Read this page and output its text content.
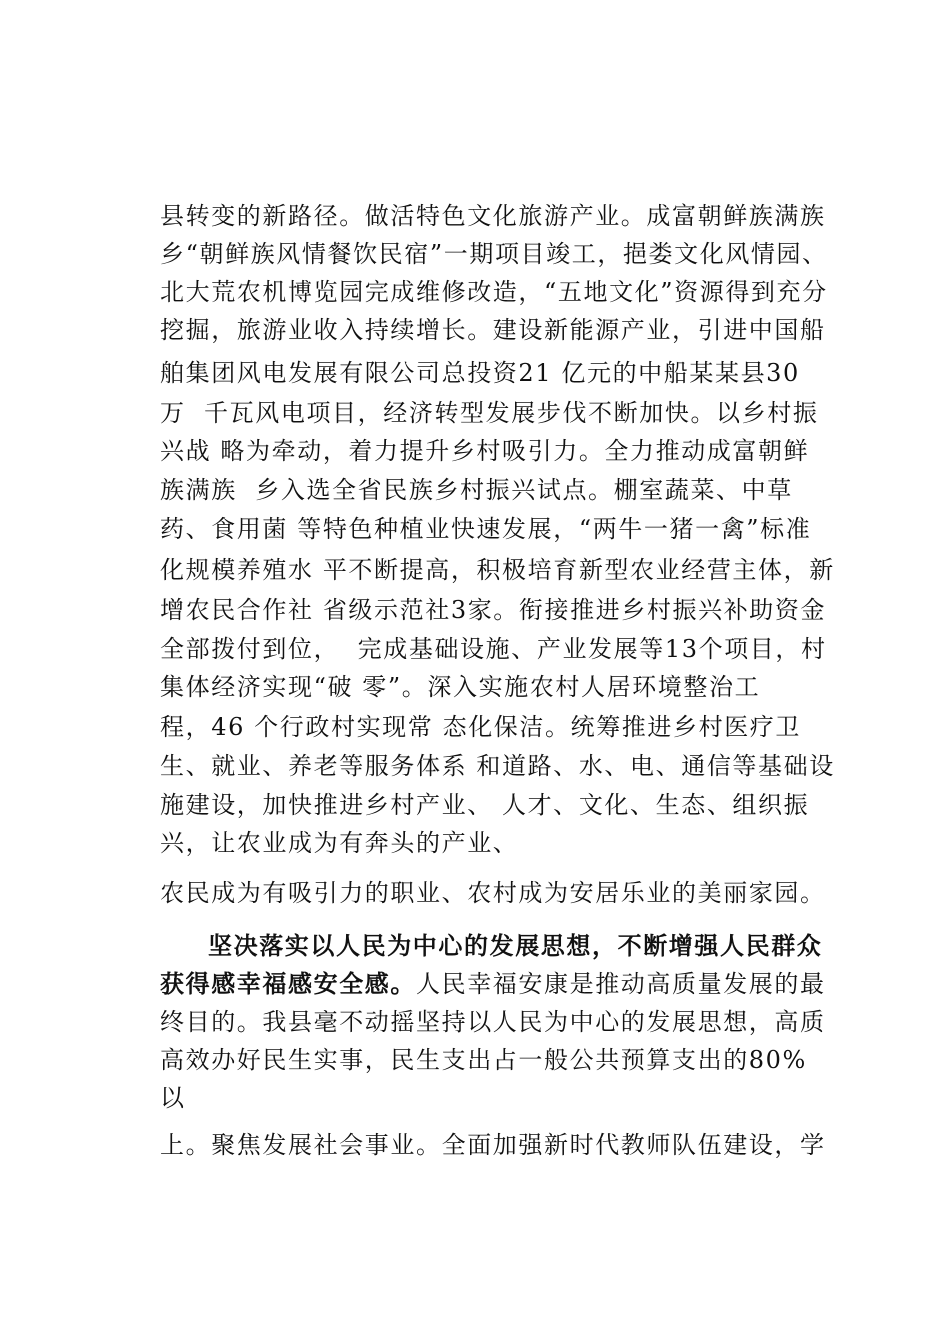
县转变的新路径。做活特色文化旅游产业。成富朝鲜族满族
乡“朝鲜族风情餐饮民宿”一期项目竣工，挹娄文化风情园、
北大荒农机博览园完成维修改造，“五地文化”资源得到充分
挖掘，旅游业收入持续增长。建设新能源产业，引进中国船
舶集团风电发展有限公司总投资21 亿元的中船某某县30
万  千瓦风电项目，经济转型发展步伐不断加快。以乡村振
兴战 略为牵动，着力提升乡村吸引力。全力推动成富朝鲜
族满族  乡入选全省民族乡村振兴试点。棚室蔬菜、中草
药、食用菌 等特色种植业快速发展，“两牛一猪一禽”标准
化规模养殖水 平不断提高，积极培育新型农业经营主体，新
增农民合作社 省级示范社3家。衔接推进乡村振兴补助资金
全部拨付到位，  完成基础设施、产业发展等13个项目，村
集体经济实现“破 零”。深入实施农村人居环境整治工
程，46 个行政村实现常 态化保洁。统筹推进乡村医疗卫
生、就业、养老等服务体系 和道路、水、电、通信等基础设
施建设，加快推进乡村产业、 人才、文化、生态、组织振
兴，让农业成为有奔头的产业、
农民成为有吸引力的职业、农村成为安居乐业的美丽家园。
坚决落实以人民为中心的发展思想，不断增强人民群众
获得感幸福感安全感。人民幸福安康是推动高质量发展的最
终目的。我县毫不动摇坚持以人民为中心的发展思想，高质
高效办好民生实事，民生支出占一般公共预算支出的80%
以
上。聚焦发展社会事业。全面加强新时代教师队伍建设，学
